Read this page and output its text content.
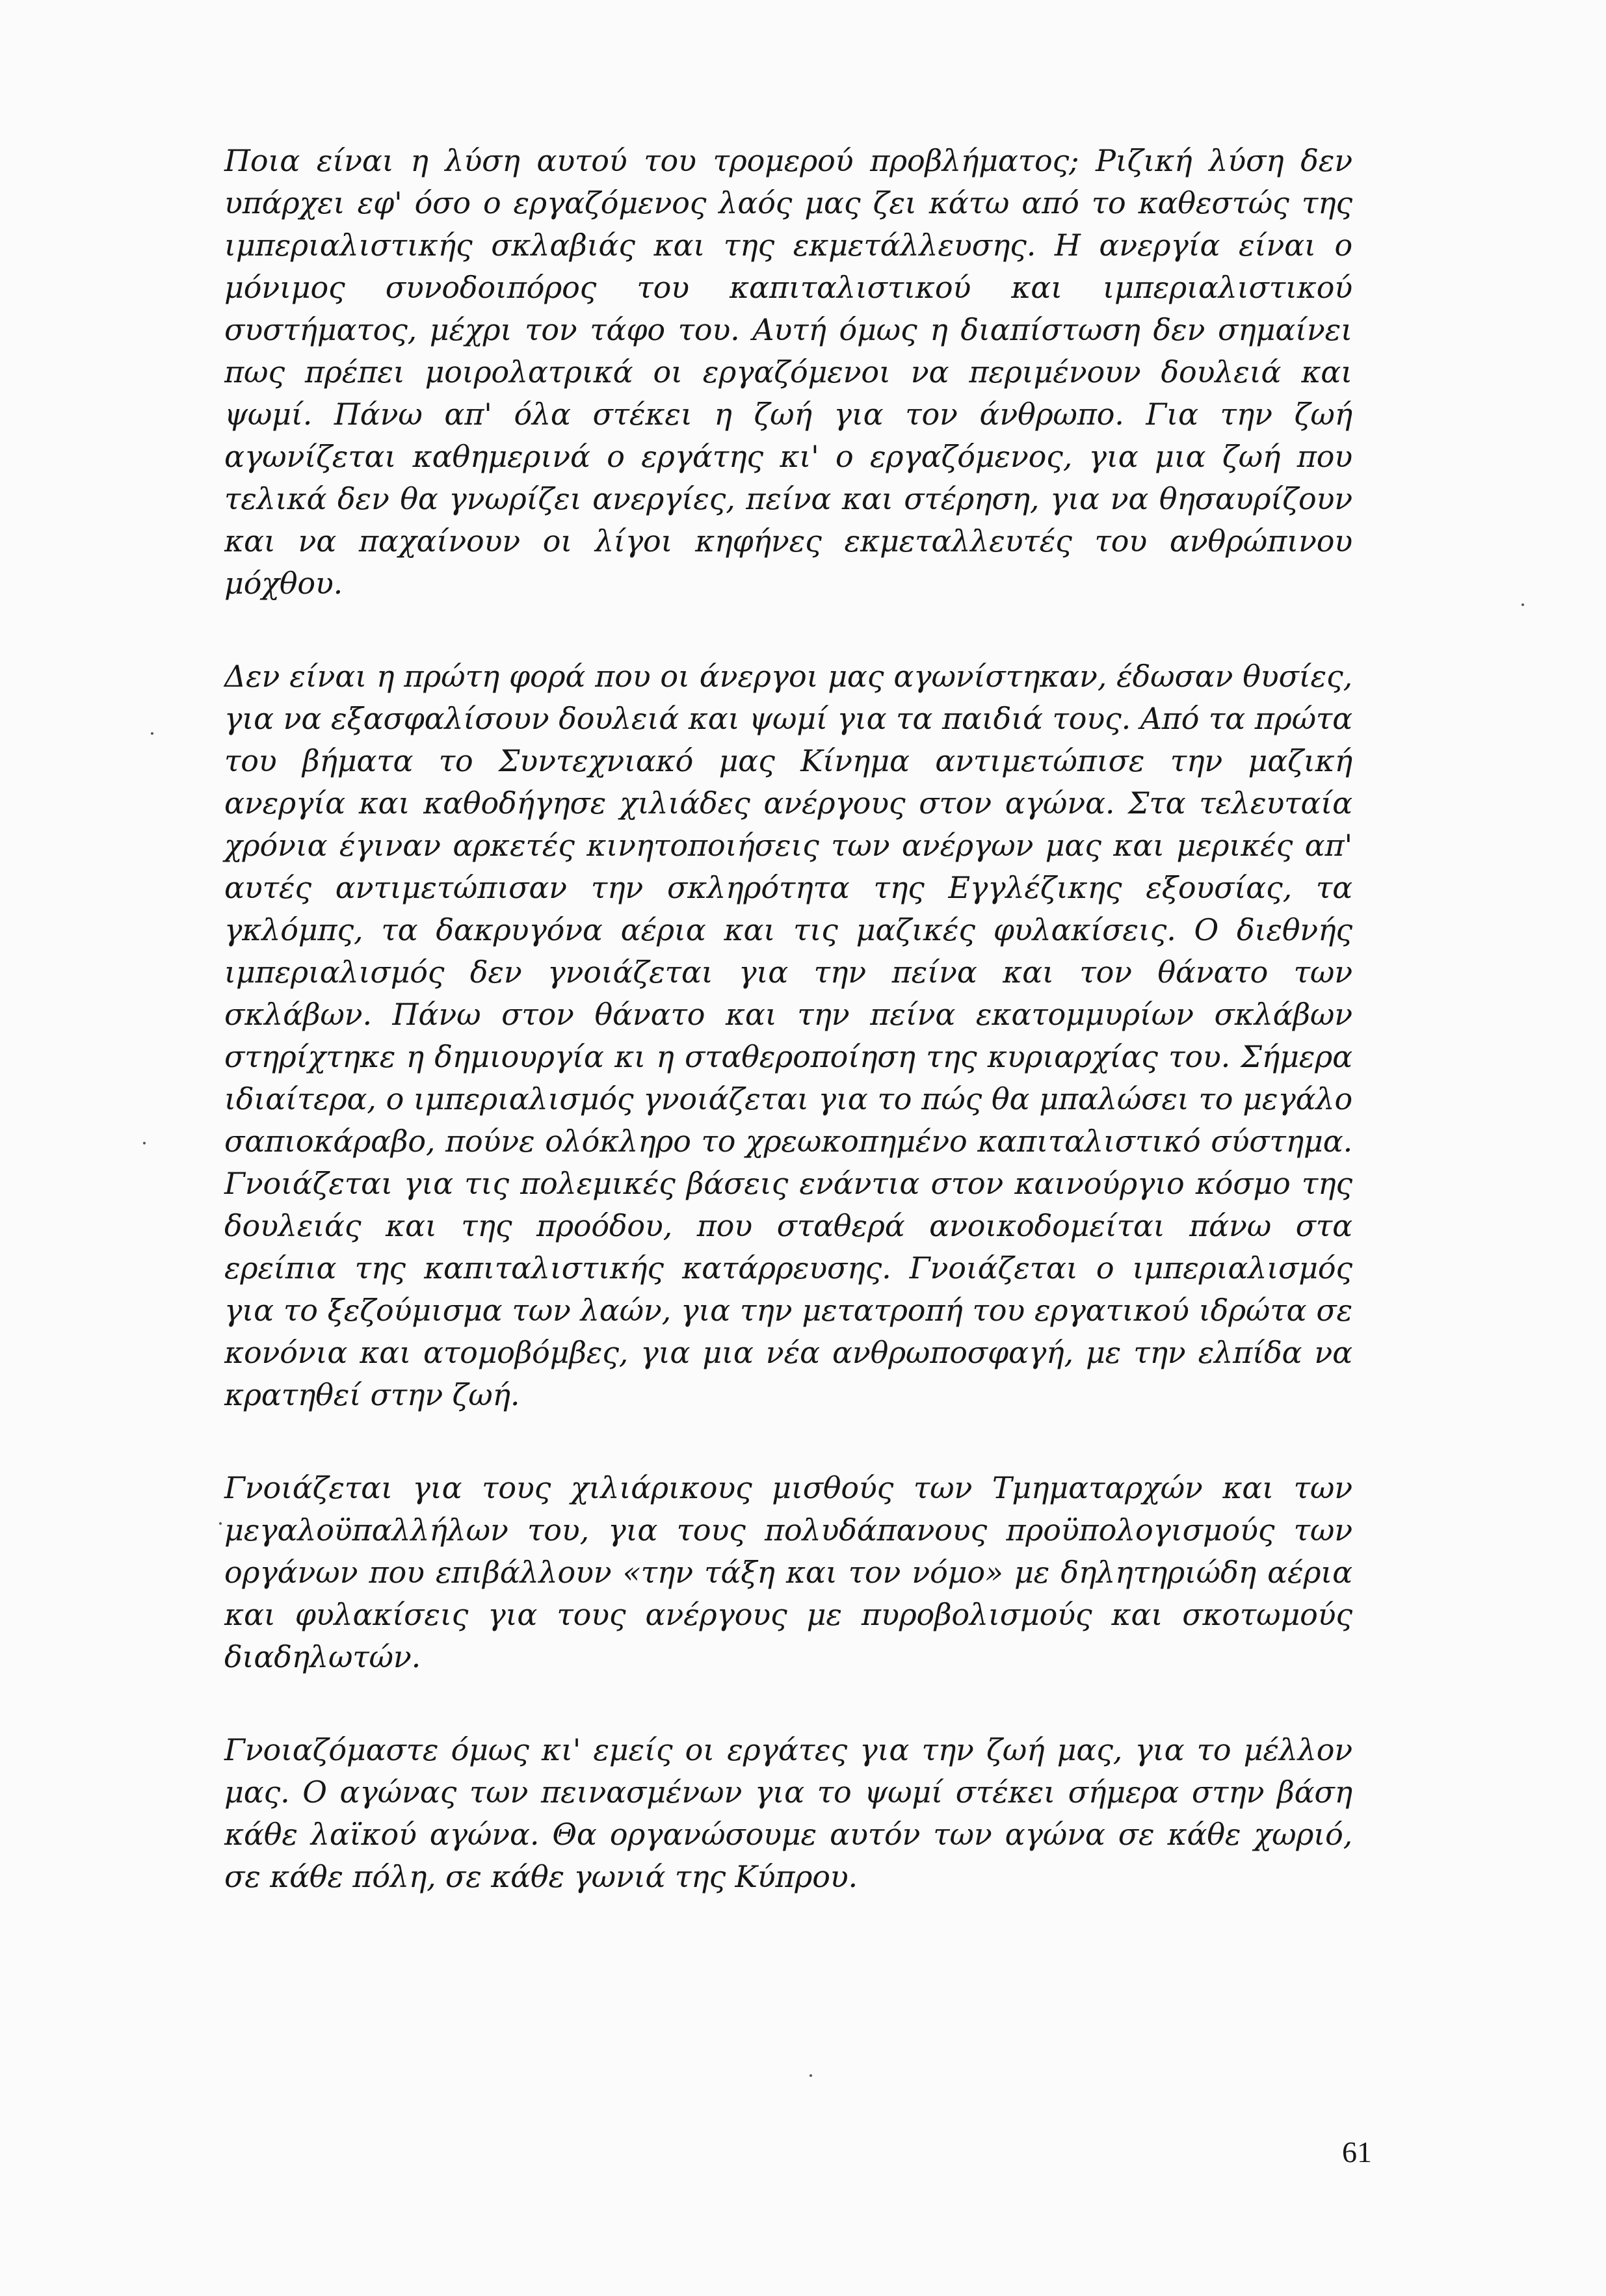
Ποια είναι η λύση αυτού του τρομερού προβλήματος; Ριζική λύση δεν υπάρχει εφ' όσο ο εργαζόμενος λαός μας ζει κάτω από το καθεστώς της ιμπεριαλιστικής σκλαβιάς και της εκμετάλλευσης. Η ανεργία είναι ο μόνιμος συνοδοιπόρος του καπιταλιστικού και ιμπεριαλιστικού συστήματος, μέχρι τον τάφο του. Αυτή όμως η διαπίστωση δεν σημαίνει πως πρέπει μοιρολατρικά οι εργαζόμενοι να περιμένουν δουλειά και ψωμί. Πάνω απ' όλα στέκει η ζωή για τον άνθρωπο. Για την ζωή αγωνίζεται καθημερινά ο εργάτης κι' ο εργαζόμενος, για μια ζωή που τελικά δεν θα γνωρίζει ανεργίες, πείνα και στέρηση, για να θησαυρίζουν και να παχαίνουν οι λίγοι κηφήνες εκμεταλλευτές του ανθρώπινου μόχθου.

Δεν είναι η πρώτη φορά που οι άνεργοι μας αγωνίστηκαν, έδωσαν θυσίες, για να εξασφαλίσουν δουλειά και ψωμί για τα παιδιά τους. Από τα πρώτα του βήματα το Συντεχνιακό μας Κίνημα αντιμετώπισε την μαζική ανεργία και καθοδήγησε χιλιάδες ανέργους στον αγώνα. Στα τελευταία χρόνια έγιναν αρκετές κινητοποιήσεις των ανέργων μας και μερικές απ' αυτές αντιμετώπισαν την σκληρότητα της Εγγλέζικης εξουσίας, τα γκλόμπς, τα δακρυγόνα αέρια και τις μαζικές φυλακίσεις. Ο διεθνής ιμπεριαλισμός δεν γνοιάζεται για την πείνα και τον θάνατο των σκλάβων. Πάνω στον θάνατο και την πείνα εκατομμυρίων σκλάβων στηρίχτηκε η δημιουργία κι η σταθεροποίηση της κυριαρχίας του. Σήμερα ιδιαίτερα, ο ιμπεριαλισμός γνοιάζεται για το πώς θα μπαλώσει το μεγάλο σαπιοκάραβο, πούνε ολόκληρο το χρεωκοπημένο καπιταλιστικό σύστημα. Γνοιάζεται για τις πολεμικές βάσεις ενάντια στον καινούργιο κόσμο της δουλειάς και της προόδου, που σταθερά ανοικοδομείται πάνω στα ερείπια της καπιταλιστικής κατάρρευσης. Γνοιάζεται ο ιμπεριαλισμός για το ξεζούμισμα των λαών, για την μετατροπή του εργατικού ιδρώτα σε κονόνια και ατομοβόμβες, για μια νέα ανθρωποσφαγή, με την ελπίδα να κρατηθεί στην ζωή.

Γνοιάζεται για τους χιλιάρικους μισθούς των Τμηματαρχών και των μεγαλοϋπαλλήλων του, για τους πολυδάπανους προϋπολογισμούς των οργάνων που επιβάλλουν «την τάξη και τον νόμο» με δηλητηριώδη αέρια και φυλακίσεις για τους ανέργους με πυροβολισμούς και σκοτωμούς διαδηλωτών.

Γνοιαζόμαστε όμως κι' εμείς οι εργάτες για την ζωή μας, για το μέλλον μας. Ο αγώνας των πεινασμένων για το ψωμί στέκει σήμερα στην βάση κάθε λαϊκού αγώνα. Θα οργανώσουμε αυτόν των αγώνα σε κάθε χωριό, σε κάθε πόλη, σε κάθε γωνιά της Κύπρου.

61
